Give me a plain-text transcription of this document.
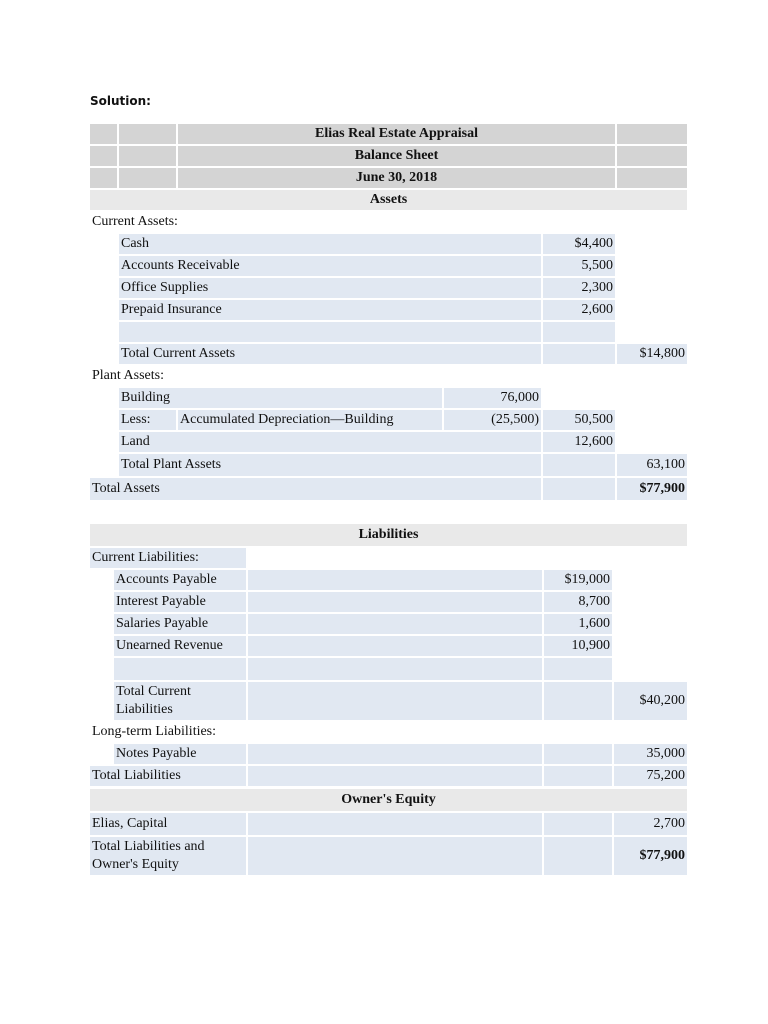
Solution:
		Elias Real Estate Appraisal			
		Balance Sheet			
		June 30, 2018			
Assets					
Current Assets:					
	Cash			$4,400	
	Accounts Receivable			5,500	
	Office Supplies			2,300	
	Prepaid Insurance			2,600	

	Total Current Assets				$14,800
Plant Assets:					
	Building		76,000		
	Less:	Accumulated Depreciation—Building	(25,500)	50,500	
	Land			12,600	
	Total Plant Assets				63,100
Total Assets					$77,900
Liabilities				
Current Liabilities:				
	Accounts Payable		$19,000	
	Interest Payable		8,700	
	Salaries Payable		1,600	
	Unearned Revenue		10,900	

	Total Current
Liabilities			$40,200
Long-term Liabilities:				
	Notes Payable			35,000
Total Liabilities				75,200
Owner's Equity			
Elias, Capital			2,700
Total Liabilities and
Owner's Equity			$77,900
